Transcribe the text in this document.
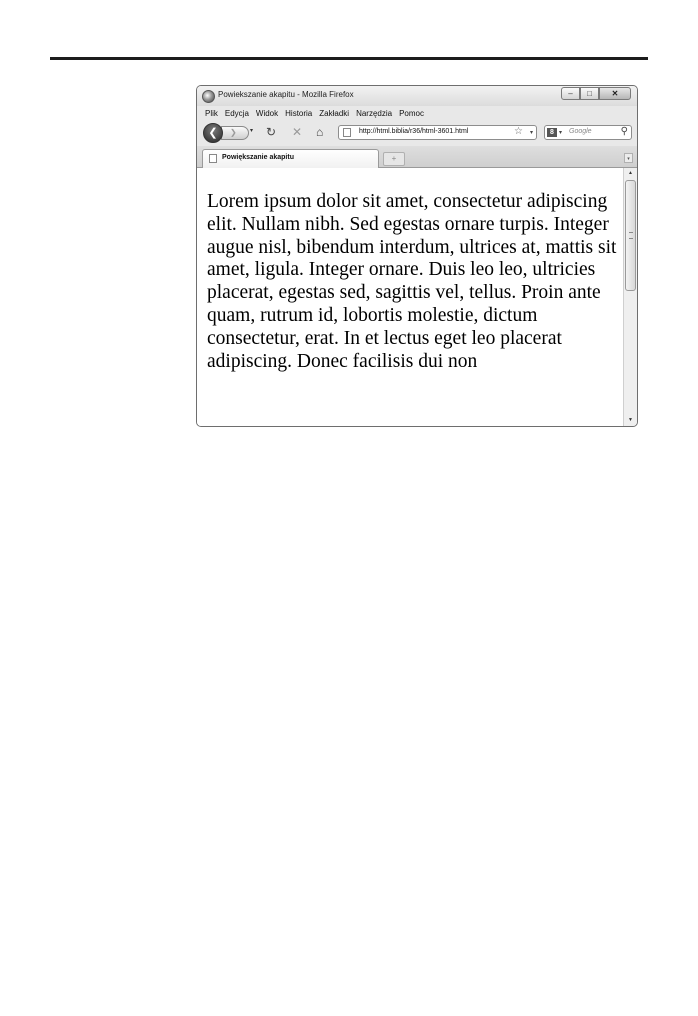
Powiekszanie akapitu - Mozilla Firefox	–	□	✕
Plik Edycja Widok Historia Zakładki Narzędzia Pomoc
❯
❮	▾ ↻ ✕ ⌂	http://html.biblia/r36/html-3601.html	☆ ▾	8 ▾ Google	⚲
Powiększanie akapitu	+	▾

Lorem ipsum dolor sit amet, consectetur adipiscing elit. Nullam nibh. Sed egestas ornare turpis. Integer augue nisl, bibendum interdum, ultrices at, mattis sit amet, ligula. Integer ornare. Duis leo leo, ultricies placerat, egestas sed, sagittis vel, tellus. Proin ante quam, rutrum id, lobortis molestie, dictum consectetur, erat. In et lectus eget leo placerat adipiscing. Donec facilisis dui non

▲
▼
